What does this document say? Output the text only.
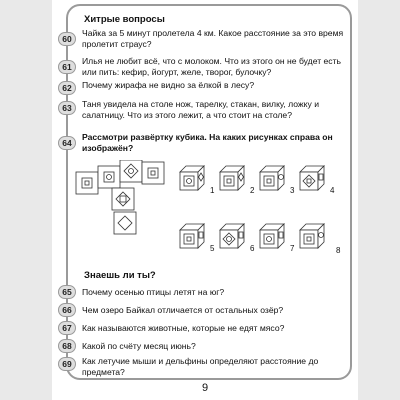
Хитрые вопросы
60
Чайка за 5 минут пролетела 4 км. Какое расстояние за это время пролетит страус?
61
Илья не любит всё, что с молоком. Что из этого он не будет есть или пить: кефир, йогурт, желе, творог, булочку?
62	Почему жирафа не видно за ёлкой в лесу?
63	Таня увидела на столе нож, тарелку, стакан, вилку, ложку и салатницу. Что из этого лежит, а что стоит на столе?
64
Рассмотри развёртку кубика. На каких рисунках справа он изображён?
1	2	3	4
5	6	7	8
Знаешь ли ты?
65	Почему осенью птицы летят на юг?
66	Чем озеро Байкал отличается от остальных озёр?
67	Как называются животные, которые не едят мясо?
68	Какой по счёту месяц июнь?
69	Как летучие мыши и дельфины определяют расстояние до предмета?
9
